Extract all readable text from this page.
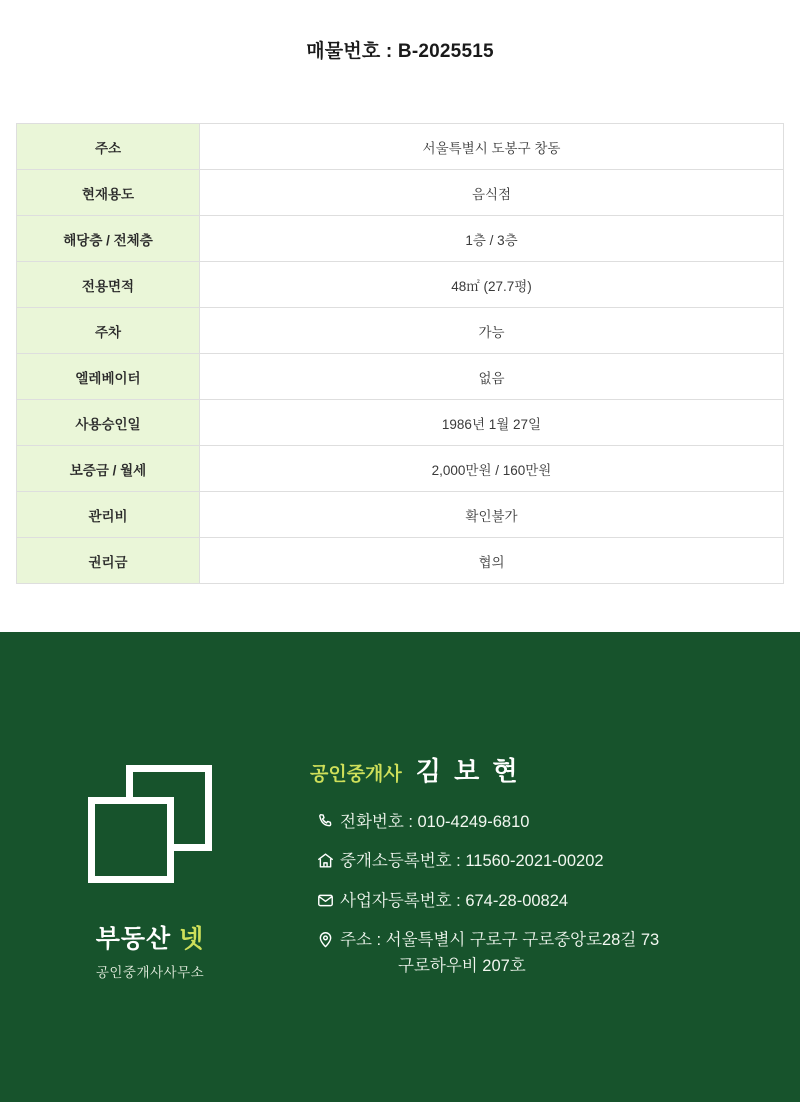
매물번호 : B-2025515
주소	서울특별시 도봉구 창동
현재용도	음식점
해당층 / 전체층	1층 / 3층
전용면적	48㎡ (27.7평)
주차	가능
엘레베이터	없음
사용승인일	1986년 1월 27일
보증금 / 월세	2,000만원 / 160만원
관리비	확인불가
권리금	협의
부동산 넷
공인중개사사무소
공인중개사 김 보 현
전화번호 : 010-4249-6810
중개소등록번호 : 11560-2021-00202
사업자등록번호 : 674-28-00824
주소 : 서울특별시 구로구 구로중앙로28길 73
구로하우비 207호
